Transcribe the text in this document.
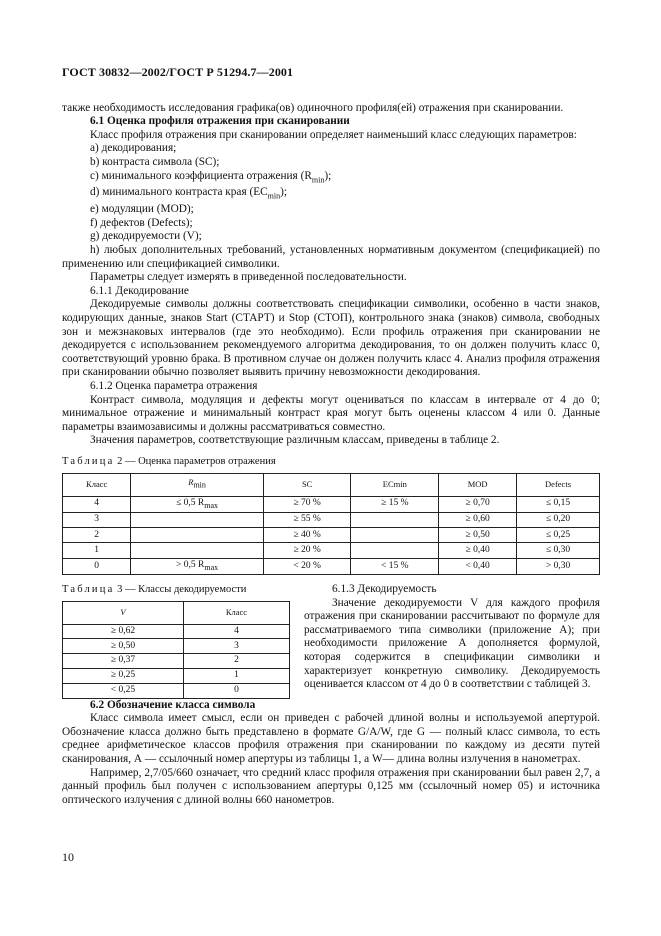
ГОСТ 30832—2002/ГОСТ Р 51294.7—2001

также необходимость исследования графика(ов) одиночного профиля(ей) отражения при сканировании.

6.1 Оценка профиля отражения при сканировании

Класс профиля отражения при сканировании определяет наименьший класс следующих параметров:

а) декодирования;
b) контраста символа (SC);
с) минимального коэффициента отражения $(R_{min})$;
d) минимального контраста края $(EC_{min})$;
е) модуляции (MOD);
f) дефектов (Defects);
g) декодируемости (V);

h) любых дополнительных требований, установленных нормативным документом (спецификацией) по применению или спецификацией символики.

Параметры следует измерять в приведенной последовательности.

6.1.1 Декодирование

Декодируемые символы должны соответствовать спецификации символики, особенно в части знаков, кодирующих данные, знаков Start (СТАРТ) и Stop (СТОП), контрольного знака (знаков) символа, свободных зон и межзнаковых интервалов (где это необходимо). Если профиль отражения при сканировании не декодируется с использованием рекомендуемого алгоритма декодирования, то он должен получить класс 0, соответствующий уровню брака. В противном случае он должен получить класс 4. Анализ профиля отражения при сканировании обычно позволяет выявить причину невозможности декодирования.

6.1.2 Оценка параметра отражения

Контраст символа, модуляция и дефекты могут оцениваться по классам в интервале от 4 до 0; минимальное отражение и минимальный контраст края могут быть оценены классом 4 или 0. Данные параметры взаимозависимы и должны рассматриваться совместно.

Значения параметров, соответствующие различным классам, приведены в таблице 2.

Таблица 2 — Оценка параметров отражения
Класс	$R_{min}$	SC	ECmin	MOD	Defects
4	≤ 0,5 $R_{max}$	≥ 70 %	≥ 15 %	≥ 0,70	≤ 0,15
3		≥ 55 %		≥ 0,60	≤ 0,20
2		≥ 40 %		≥ 0,50	≤ 0,25
1		≥ 20 %		≥ 0,40	≤ 0,30
0	> 0,5 $R_{max}$	< 20 %	< 15 %	< 0,40	> 0,30
Таблица 3 — Классы декодируемости
V	Класс
≥ 0,62	4
≥ 0,50	3
≥ 0,37	2
≥ 0,25	1
< 0,25	0
6.1.3 Декодируемость

Значение декодируемости V для каждого профиля отражения при сканировании рассчитывают по формуле для рассматриваемого типа символики (приложение А); при необходимости приложение А дополняется формулой, которая содержится в спецификации символики и характеризует конкретную символику. Декодируемость оценивается классом от 4 до 0 в соответствии с таблицей 3.

6.2 Обозначение класса символа

Класс символа имеет смысл, если он приведен с рабочей длиной волны и используемой апертурой. Обозначение класса должно быть представлено в формате G/A/W, где G — полный класс символа, то есть среднее арифметическое классов профиля отражения при сканировании по каждому из десяти путей сканирования, А — ссылочный номер апертуры из таблицы 1, а W— длина волны излучения в нанометрах.

Например, 2,7/05/660 означает, что средний класс профиля отражения при сканировании был равен 2,7, а данный профиль был получен с использованием апертуры 0,125 мм (ссылочный номер 05) и источника оптического излучения с длиной волны 660 нанометров.

10
